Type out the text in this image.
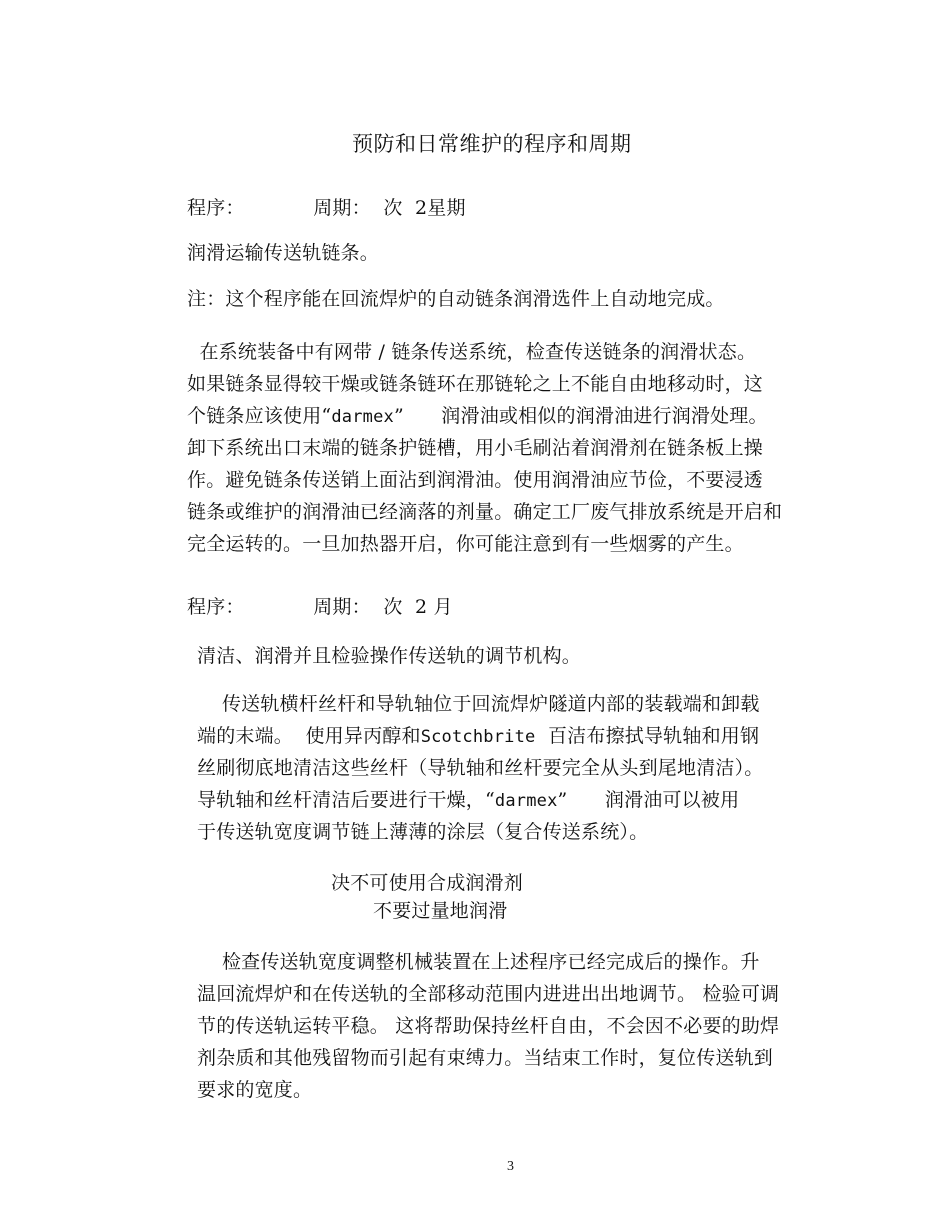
预防和日常维护的程序和周期
程序：           周期：  次  2星期
润滑运输传送轨链条。
注：这个程序能在回流焊炉的自动链条润滑选件上自动地完成。
在系统装备中有网带 / 链条传送系统，检查传送链条的润滑状态。
如果链条显得较干燥或链条链环在那链轮之上不能自由地移动时，这
个链条应该使用“darmex”      润滑油或相似的润滑油进行润滑处理。
卸下系统出口末端的链条护链槽，用小毛刷沾着润滑剂在链条板上操
作。避免链条传送销上面沾到润滑油。使用润滑油应节俭，不要浸透
链条或维护的润滑油已经滴落的剂量。确定工厂废气排放系统是开启和
完全运转的。一旦加热器开启，你可能注意到有一些烟雾的产生。
程序：           周期：  次  2 月
清洁、润滑并且检验操作传送轨的调节机构。
传送轨横杆丝杆和导轨轴位于回流焊炉隧道内部的装载端和卸载
端的末端。  使用异丙醇和Scotchbrite  百洁布擦拭导轨轴和用钢
丝刷彻底地清洁这些丝杆（导轨轴和丝杆要完全从头到尾地清洁）。
导轨轴和丝杆清洁后要进行干燥，“darmex”      润滑油可以被用
于传送轨宽度调节链上薄薄的涂层（复合传送系统）。
决不可使用合成润滑剂
不要过量地润滑
检查传送轨宽度调整机械装置在上述程序已经完成后的操作。升
温回流焊炉和在传送轨的全部移动范围内进进出出地调节。 检验可调
节的传送轨运转平稳。 这将帮助保持丝杆自由，不会因不必要的助焊
剂杂质和其他残留物而引起有束缚力。当结束工作时，复位传送轨到
要求的宽度。
3
